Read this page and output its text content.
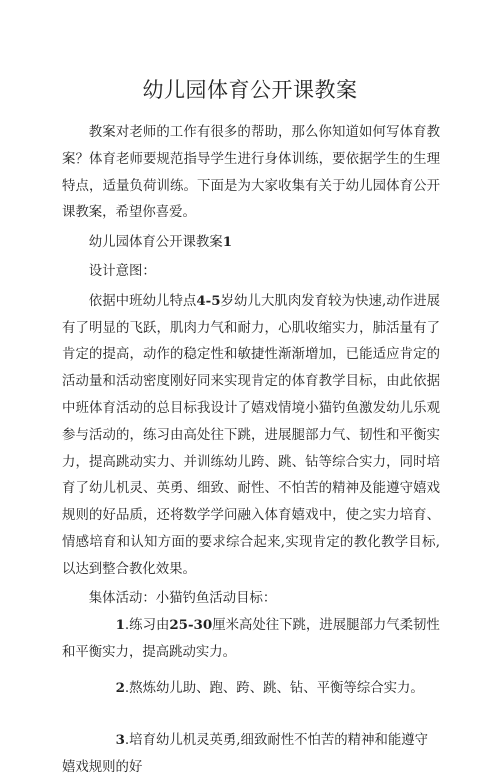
幼儿园体育公开课教案

教案对老师的工作有很多的帮助，那么你知道如何写体育教案？体育老师要规范指导学生进行身体训练，要依据学生的生理特点，适量负荷训练。下面是为大家收集有关于幼儿园体育公开课教案，希望你喜爱。

幼儿园体育公开课教案1

设计意图：

依据中班幼儿特点4-5岁幼儿大肌肉发育较为快速,动作进展有了明显的飞跃，肌肉力气和耐力，心肌收缩实力，肺活量有了肯定的提高，动作的稳定性和敏捷性渐渐增加，已能适应肯定的活动量和活动密度刚好同来实现肯定的体育教学目标，由此依据中班体育活动的总目标我设计了嬉戏情境小猫钓鱼激发幼儿乐观参与活动的，练习由高处往下跳，进展腿部力气、韧性和平衡实力，提高跳动实力、并训练幼儿跨、跳、钻等综合实力，同时培育了幼儿机灵、英勇、细致、耐性、不怕苦的精神及能遵守嬉戏规则的好品质，还将数学学问融入体育嬉戏中，使之实力培育、情感培育和认知方面的要求综合起来,实现肯定的教化教学目标,以达到整合教化效果。

集体活动：小猫钓鱼活动目标：

1.练习由25-30厘米高处往下跳，进展腿部力气柔韧性和平衡实力，提高跳动实力。

2.熬炼幼儿助、跑、跨、跳、钻、平衡等综合实力。

3.培育幼儿机灵英勇,细致耐性不怕苦的精神和能遵守嬉戏规则的好
